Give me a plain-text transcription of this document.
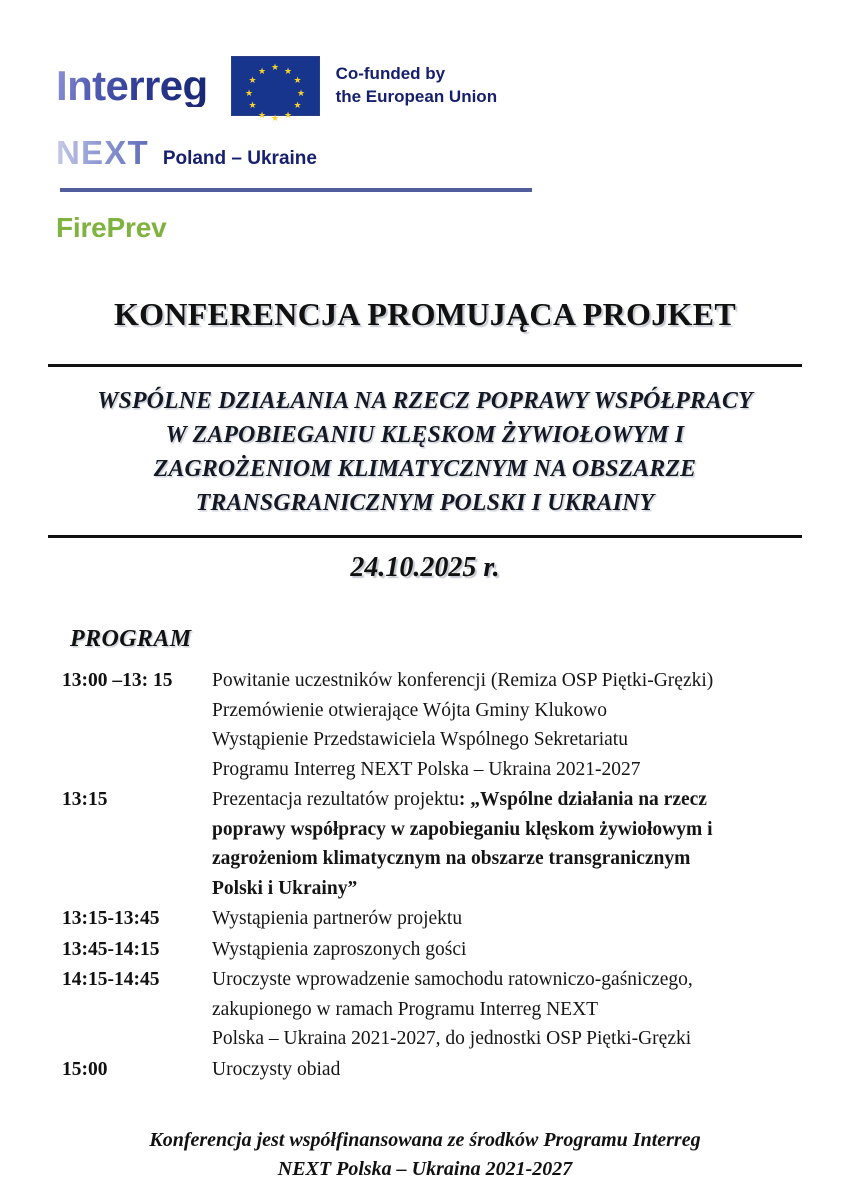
Interreg	★ ★
★
★
★
★
★
★
★
★
★
★	Co-funded by
the European Union
NEXT Poland – Ukraine
FirePrev
KONFERENCJA PROMUJĄCA PROJKET
WSPÓLNE DZIAŁANIA NA RZECZ POPRAWY WSPÓŁPRACY
W ZAPOBIEGANIU KLĘSKOM ŻYWIOŁOWYM I
ZAGROŻENIOM KLIMATYCZNYM NA OBSZARZE
TRANSGRANICZNYM POLSKI I UKRAINY
24.10.2025 r.
PROGRAM
13:00 –13: 15	Powitanie uczestników konferencji (Remiza OSP Piętki-Gręzki)
Przemówienie otwierające Wójta Gminy Klukowo
Wystąpienie Przedstawiciela Wspólnego Sekretariatu
Programu Interreg NEXT Polska – Ukraina 2021-2027
13:15	Prezentacja rezultatów projektu: „Wspólne działania na rzecz
poprawy współpracy w zapobieganiu klęskom żywiołowym i
zagrożeniom klimatycznym na obszarze transgranicznym
Polski i Ukrainy”
13:15-13:45	Wystąpienia partnerów projektu
13:45-14:15	Wystąpienia zaproszonych gości
14:15-14:45	Uroczyste wprowadzenie samochodu ratowniczo-gaśniczego,
zakupionego w ramach Programu Interreg NEXT
Polska – Ukraina 2021-2027, do jednostki OSP Piętki-Gręzki
15:00	Uroczysty obiad
Konferencja jest współfinansowana ze środków Programu Interreg
NEXT Polska – Ukraina 2021-2027
